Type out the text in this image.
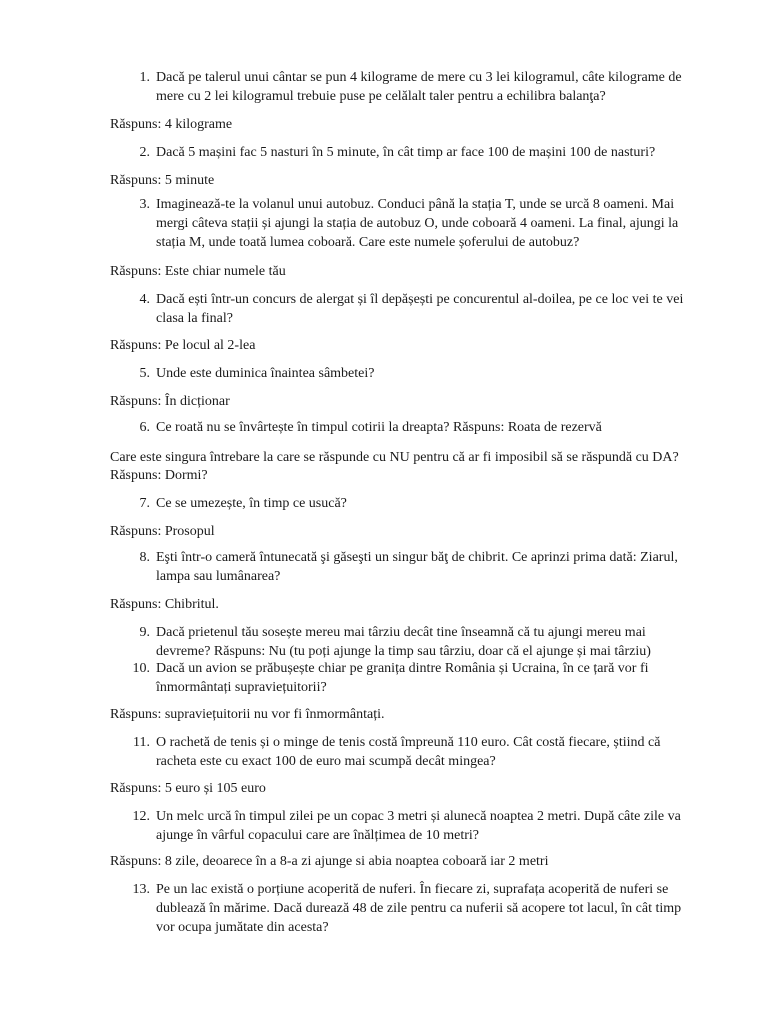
1. Dacă pe talerul unui cântar se pun 4 kilograme de mere cu 3 lei kilogramul, câte kilograme de mere cu 2 lei kilogramul trebuie puse pe celălalt taler pentru a echilibra balanţa?

Răspuns: 4 kilograme

2. Dacă 5 mașini fac 5 nasturi în 5 minute, în cât timp ar face 100 de mașini 100 de nasturi?

Răspuns: 5 minute

3. Imaginează-te la volanul unui autobuz. Conduci până la stația T, unde se urcă 8 oameni. Mai mergi câteva stații și ajungi la stația de autobuz O, unde coboară 4 oameni. La final, ajungi la stația M, unde toată lumea coboară. Care este numele șoferului de autobuz?

Răspuns: Este chiar numele tău

4. Dacă ești într-un concurs de alergat și îl depășești pe concurentul al-doilea, pe ce loc vei te vei clasa la final?

Răspuns: Pe locul al 2-lea

5. Unde este duminica înaintea sâmbetei?

Răspuns: În dicționar

6. Ce roată nu se învârtește în timpul cotirii la dreapta? Răspuns: Roata de rezervă

Care este singura întrebare la care se răspunde cu NU pentru că ar fi imposibil să se răspundă cu DA?

Răspuns: Dormi?

7. Ce se umezește, în timp ce usucă?

Răspuns: Prosopul

8. Eşti într-o cameră întunecată şi găseşti un singur băţ de chibrit. Ce aprinzi prima dată: Ziarul, lampa sau lumânarea?

Răspuns: Chibritul.

9. Dacă prietenul tău sosește mereu mai târziu decât tine înseamnă că tu ajungi mereu mai devreme? Răspuns: Nu (tu poți ajunge la timp sau târziu, doar că el ajunge și mai târziu)

10. Dacă un avion se prăbușește chiar pe granița dintre România și Ucraina, în ce țară vor fi înmormântați supraviețuitorii?

Răspuns: supraviețuitorii nu vor fi înmormântați.

11. O rachetă de tenis și o minge de tenis costă împreună 110 euro. Cât costă fiecare, știind că racheta este cu exact 100 de euro mai scumpă decât mingea?

Răspuns: 5 euro și 105 euro

12. Un melc urcă în timpul zilei pe un copac 3 metri și alunecă noaptea 2 metri. După câte zile va ajunge în vârful copacului care are înălțimea de 10 metri?

Răspuns: 8 zile, deoarece în a 8-a zi ajunge si abia noaptea coboară iar 2 metri

13. Pe un lac există o porțiune acoperită de nuferi. În fiecare zi, suprafața acoperită de nuferi se dublează în mărime. Dacă durează 48 de zile pentru ca nuferii să acopere tot lacul, în cât timp vor ocupa jumătate din acesta?
